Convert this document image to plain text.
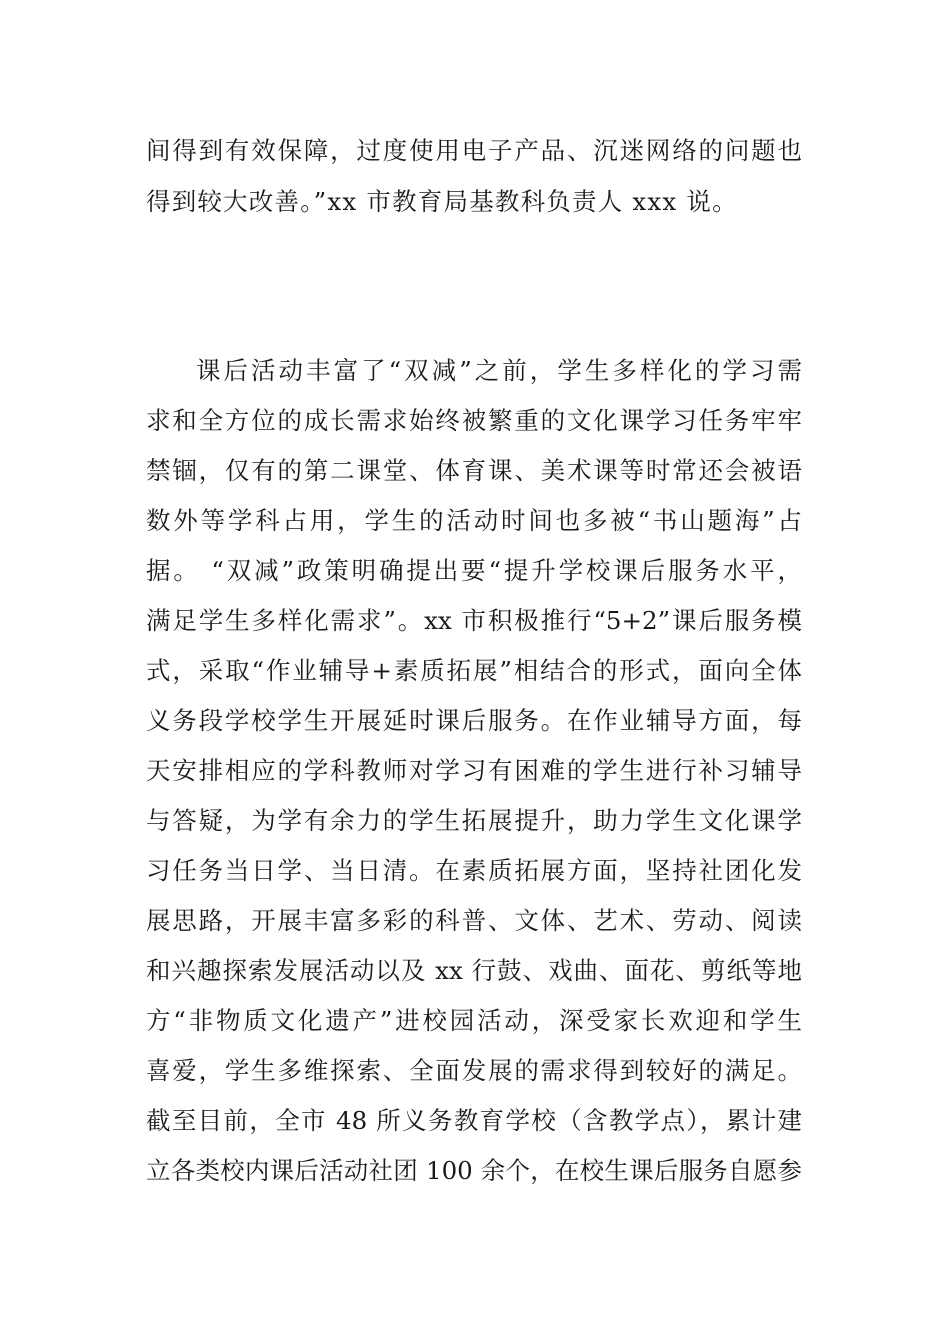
间得到有效保障，过度使用电子产品、沉迷网络的问题也
得到较大改善。”xx 市教育局基教科负责人 xxx 说。
课后活动丰富了“双减”之前，学生多样化的学习需
求和全方位的成长需求始终被繁重的文化课学习任务牢牢
禁锢，仅有的第二课堂、体育课、美术课等时常还会被语
数外等学科占用，学生的活动时间也多被“书山题海”占
据。 “双减”政策明确提出要“提升学校课后服务水平，
满足学生多样化需求”。xx 市积极推行“5+2”课后服务模
式，采取“作业辅导+素质拓展”相结合的形式，面向全体
义务段学校学生开展延时课后服务。在作业辅导方面，每
天安排相应的学科教师对学习有困难的学生进行补习辅导
与答疑，为学有余力的学生拓展提升，助力学生文化课学
习任务当日学、当日清。在素质拓展方面，坚持社团化发
展思路，开展丰富多彩的科普、文体、艺术、劳动、阅读
和兴趣探索发展活动以及 xx 行鼓、戏曲、面花、剪纸等地
方“非物质文化遗产”进校园活动，深受家长欢迎和学生
喜爱，学生多维探索、全面发展的需求得到较好的满足。
截至目前，全市 48 所义务教育学校（含教学点），累计建
立各类校内课后活动社团 100 余个，在校生课后服务自愿参
